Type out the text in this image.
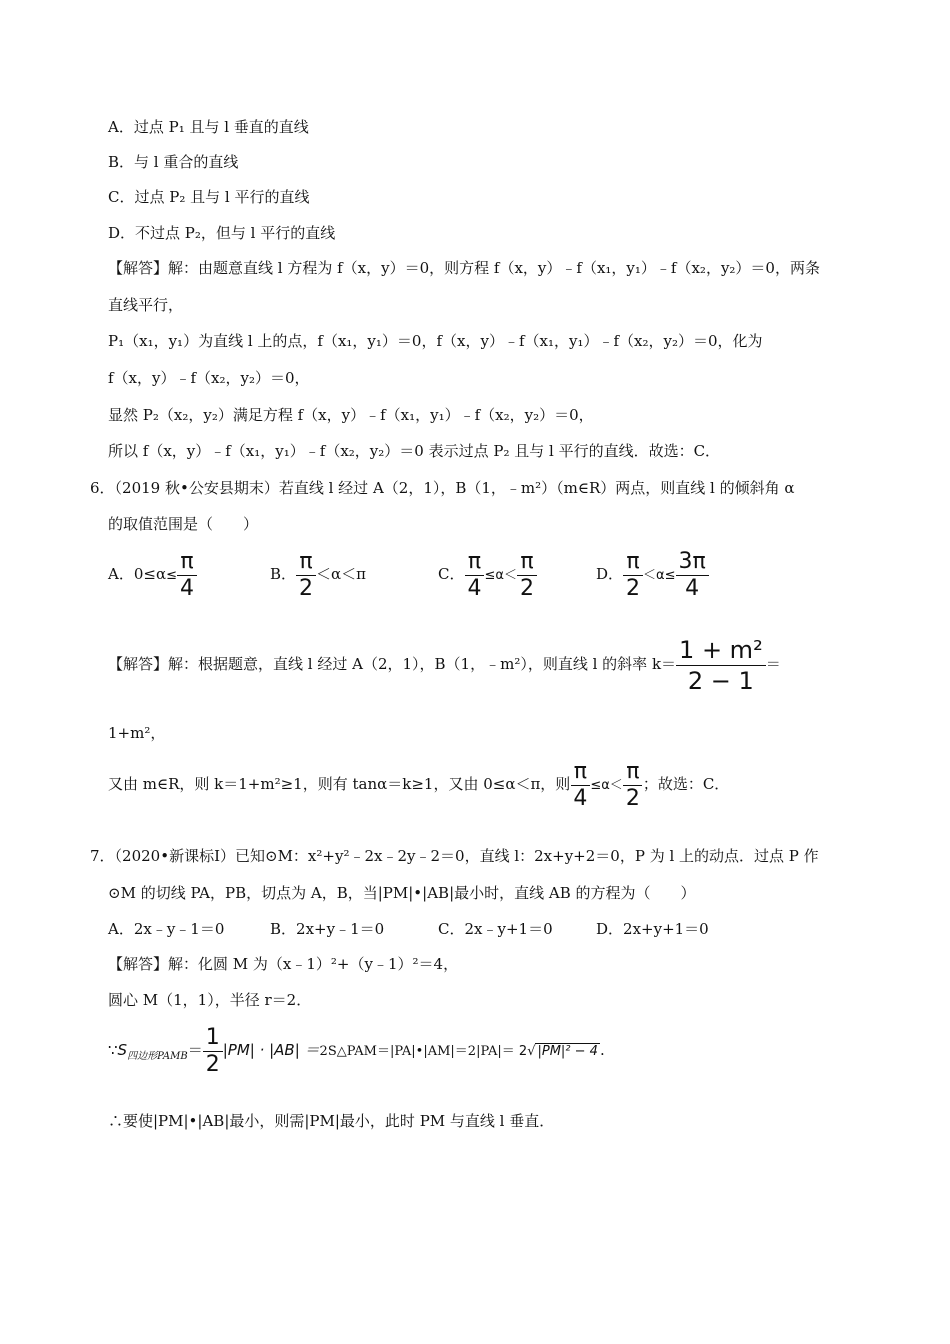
A．过点 P₁ 且与 l 垂直的直线
B．与 l 重合的直线
C．过点 P₂ 且与 l 平行的直线
D．不过点 P₂，但与 l 平行的直线
【解答】解：由题意直线 l 方程为 f（x，y）＝0，则方程 f（x，y）﹣f（x₁，y₁）﹣f（x₂，y₂）＝0，两条
直线平行，
P₁（x₁，y₁）为直线 l 上的点，f（x₁，y₁）＝0，f（x，y）﹣f（x₁，y₁）﹣f（x₂，y₂）＝0，化为
f（x，y）﹣f（x₂，y₂）＝0，
显然 P₂（x₂，y₂）满足方程 f（x，y）﹣f（x₁，y₁）﹣f（x₂，y₂）＝0，
所以 f（x，y）﹣f（x₁，y₁）﹣f（x₂，y₂）＝0 表示过点 P₂ 且与 l 平行的直线．故选：C．
6．（2019 秋•公安县期末）若直线 l 经过 A（2，1），B（1，﹣m²）（m∈R）两点，则直线 l 的倾斜角 α
的取值范围是（　　）
A．$0\le\alpha\le \frac{\pi}{4}$	B． $\frac{\pi}{2} <\alpha<\pi$	C． $\frac{\pi}{4} \le\alpha< \frac{\pi}{2}$	D． $\frac{\pi}{2} <\alpha\le \frac{3\pi}{4}$
【解答】解：根据题意，直线 l 经过 A（2，1），B（1，﹣m²），则直线 l 的斜率 $k= \frac{\text{1 + m²}}{2 - 1}$ ＝
1+m²，
又由 m∈R，则 k＝1+m²≥1，则有 tanα＝k≥1，又由 0≤α＜π，则 $\frac{\pi}{4} \le\alpha< \frac{\pi}{2}$ ；故选：C．
7．（2020•新课标Ⅰ）已知⊙M：x²+y²﹣2x﹣2y﹣2＝0，直线 l：2x+y+2＝0，P 为 l 上的动点．过点 P 作
⊙M 的切线 PA，PB，切点为 A，B，当|PM|•|AB|最小时，直线 AB 的方程为（　　）
A．2x﹣y﹣1＝0	B．2x+y﹣1＝0	C．2x﹣y+1＝0	D．2x+y+1＝0
【解答】解：化圆 M 为（x﹣1）²+（y﹣1）²＝4，
圆心 M（1，1），半径 r＝2．
$\because S_{四边形PAMB}= \frac{1}{2} |PM| \cdot |AB|$ ＝2S△PAM＝|PA|•|AM|＝2|PA|＝ 2√ |PM|² − 4 .
∴要使|PM|•|AB|最小，则需|PM|最小，此时 PM 与直线 l 垂直．
